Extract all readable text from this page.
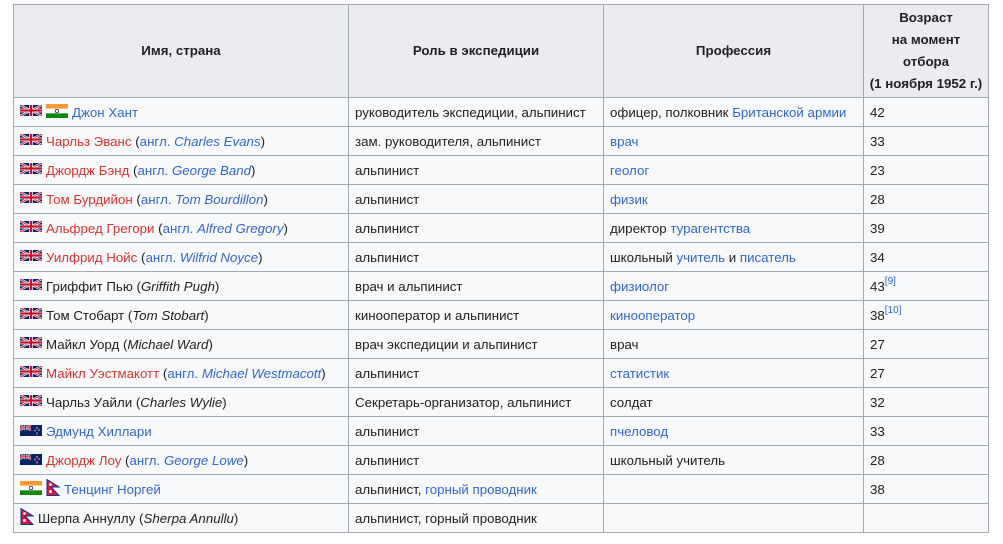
Имя, страна	Роль в экспедиции	Профессия	Возраст
на момент
отбора
(1 ноября 1952 г.)

Джон Хант	руководитель экспедиции, альпинист	офицер, полковник Британской армии	42

Чарльз Эванс ( англ.
Charles Evans )	зам. руководителя, альпинист	врач	33

Джордж Бэнд ( англ.
George Band )	альпинист	геолог	23

Том Бурдийон ( англ.
Tom Bourdillon )	альпинист	физик	28

Альфред Грегори ( англ.
Alfred Gregory )	альпинист	директор турагентства	39

Уилфрид Нойс ( англ.
Wilfrid Noyce )	альпинист	школьный учитель и писатель	34

Гриффит Пью ( Griffith Pugh )	врач и альпинист	физиолог	43[9]

Том Стобарт ( Tom Stobart )	кинооператор и альпинист	кинооператор	38[10]

Майкл Уорд ( Michael Ward )	врач экспедиции и альпинист	врач	27

Майкл Уэстмакотт ( англ.
Michael Westmacott )	альпинист	статистик	27

Чарльз Уайли ( Charles Wylie )	Секретарь-организатор, альпинист	солдат	32

Эдмунд Хиллари	альпинист	пчеловод	33

Джордж Лоу ( англ.
George Lowe )	альпинист	школьный учитель	28

Тенцинг Норгей	альпинист, горный проводник		38

Шерпа Аннуллу ( Sherpa Annullu )	альпинист, горный проводник		
